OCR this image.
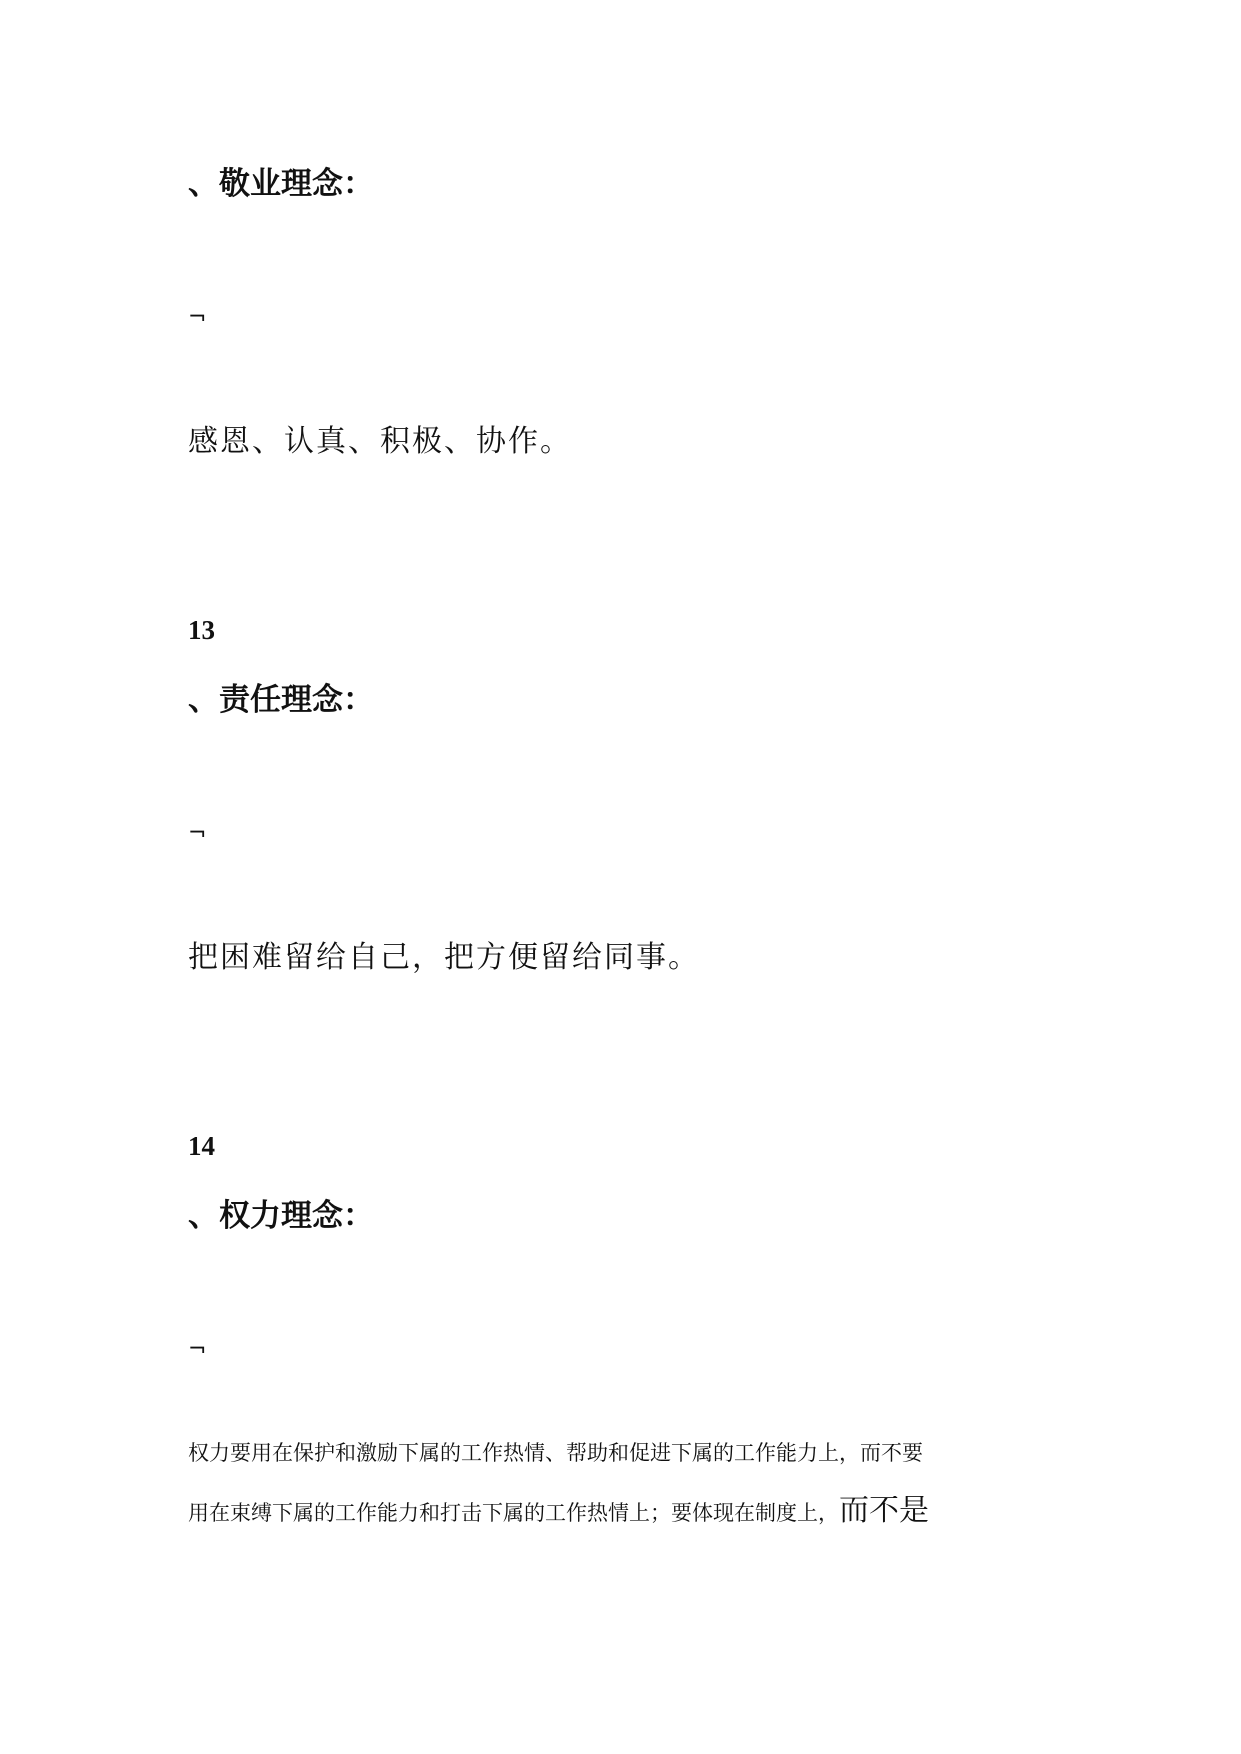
、敬业理念：
¬
感恩、认真、积极、协作。
13
、责任理念：
¬
把困难留给自己，把方便留给同事。
14
、权力理念：
¬
权力要用在保护和激励下属的工作热情、帮助和促进下属的工作能力上，而不要
用在束缚下属的工作能力和打击下属的工作热情上；要体现在制度上，而不是
